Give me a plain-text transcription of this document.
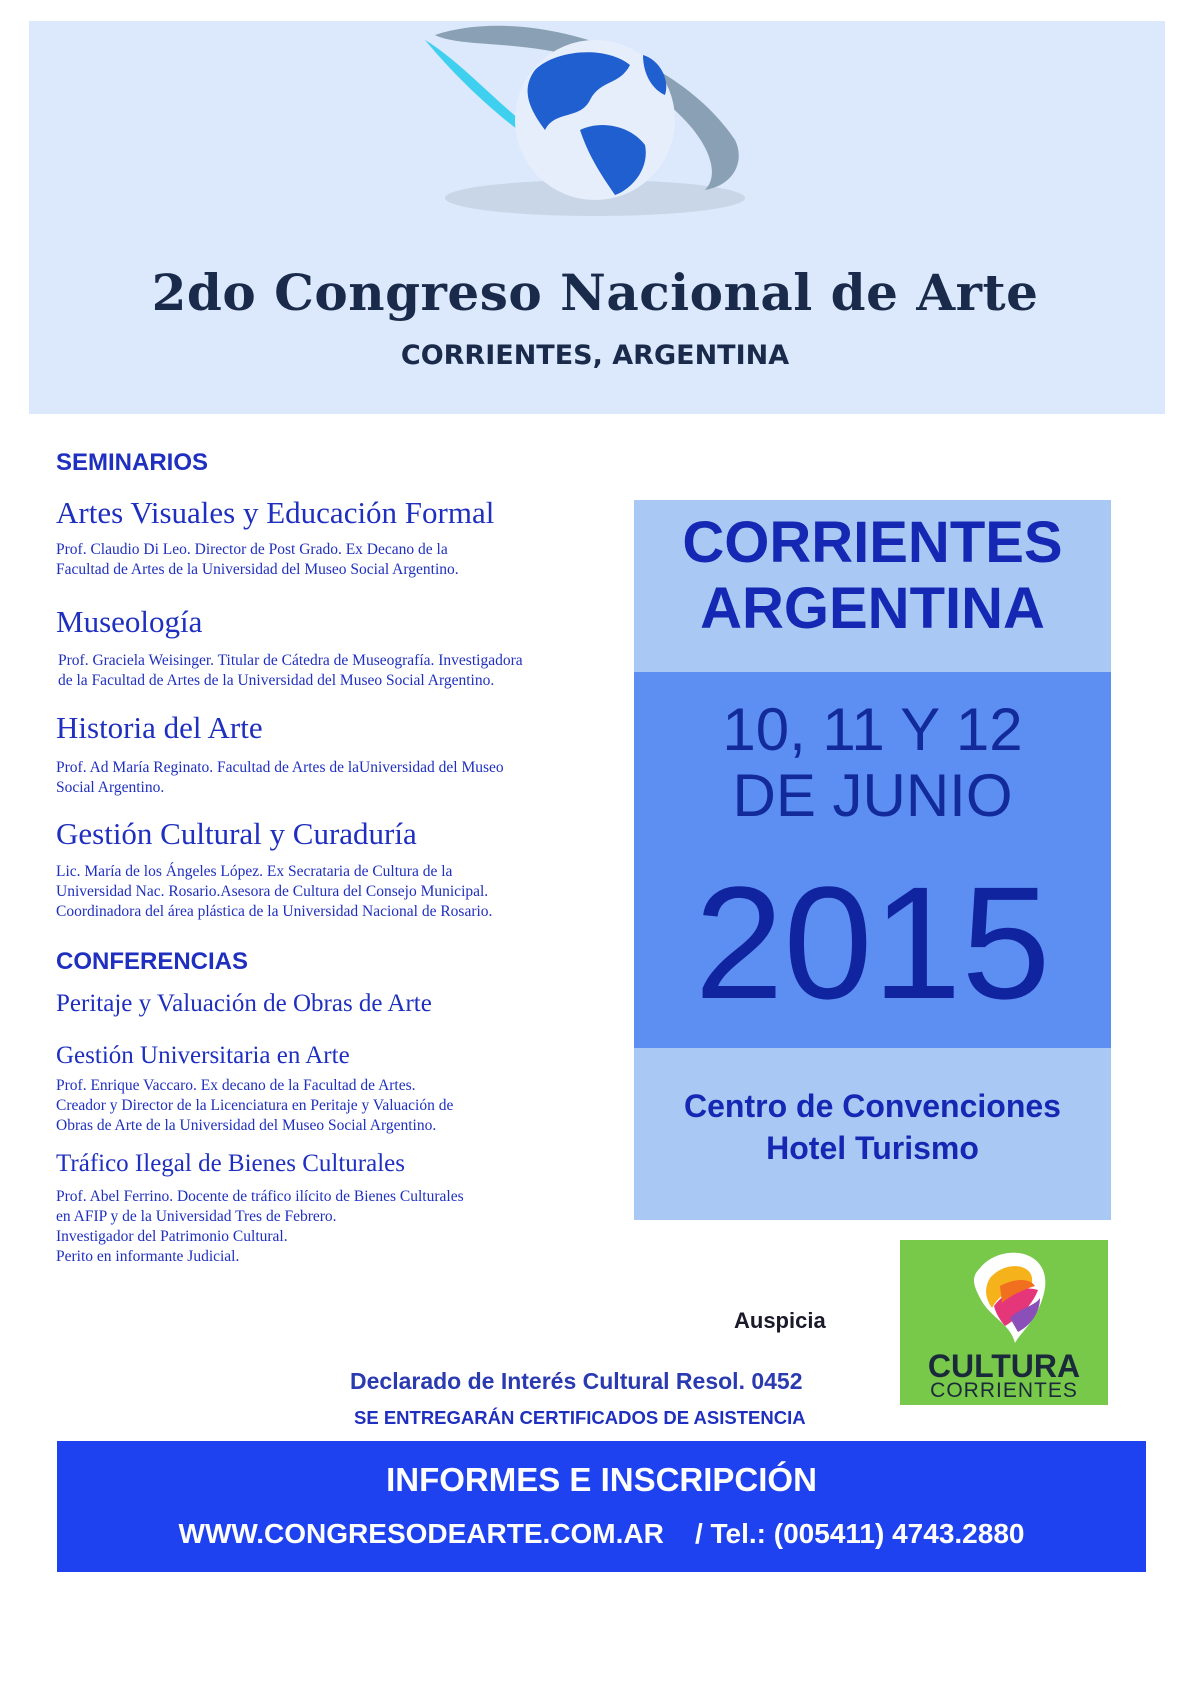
2do Congreso Nacional de Arte
CORRIENTES, ARGENTINA
SEMINARIOS
Artes Visuales y Educación Formal
Prof. Claudio Di Leo. Director de Post Grado. Ex Decano de la
Facultad de Artes de la Universidad del Museo Social Argentino.
Museología
Prof. Graciela Weisinger. Titular de Cátedra de Museografía. Investigadora
de la Facultad de Artes de la Universidad del Museo Social Argentino.
Historia del Arte
Prof. Ad María Reginato. Facultad de Artes de laUniversidad del Museo
Social Argentino.
Gestión Cultural y Curaduría
Lic. María de los Ángeles López. Ex Secrataria de Cultura de la
Universidad Nac. Rosario.Asesora de Cultura del Consejo Municipal.
Coordinadora del área plástica de la Universidad Nacional de Rosario.
CONFERENCIAS
Peritaje y Valuación de Obras de Arte
Gestión Universitaria en Arte
Prof. Enrique Vaccaro. Ex decano de la Facultad de Artes.
Creador y Director de la Licenciatura en Peritaje y Valuación de
Obras de Arte de la Universidad del Museo Social Argentino.
Tráfico Ilegal de Bienes Culturales
Prof. Abel Ferrino. Docente de tráfico ilícito de Bienes Culturales
en AFIP y de la Universidad Tres de Febrero.
Investigador del Patrimonio Cultural.
Perito en informante Judicial.
CORRIENTES
ARGENTINA
10, 11 Y 12
DE JUNIO
2015
Centro de Convenciones
Hotel Turismo
Auspicia
CULTURA
CORRIENTES
Declarado de Interés Cultural Resol. 0452
SE ENTREGARÁN CERTIFICADOS DE ASISTENCIA
INFORMES E INSCRIPCIÓN
WWW.CONGRESODEARTE.COM.AR / Tel.: (005411) 4743.2880
